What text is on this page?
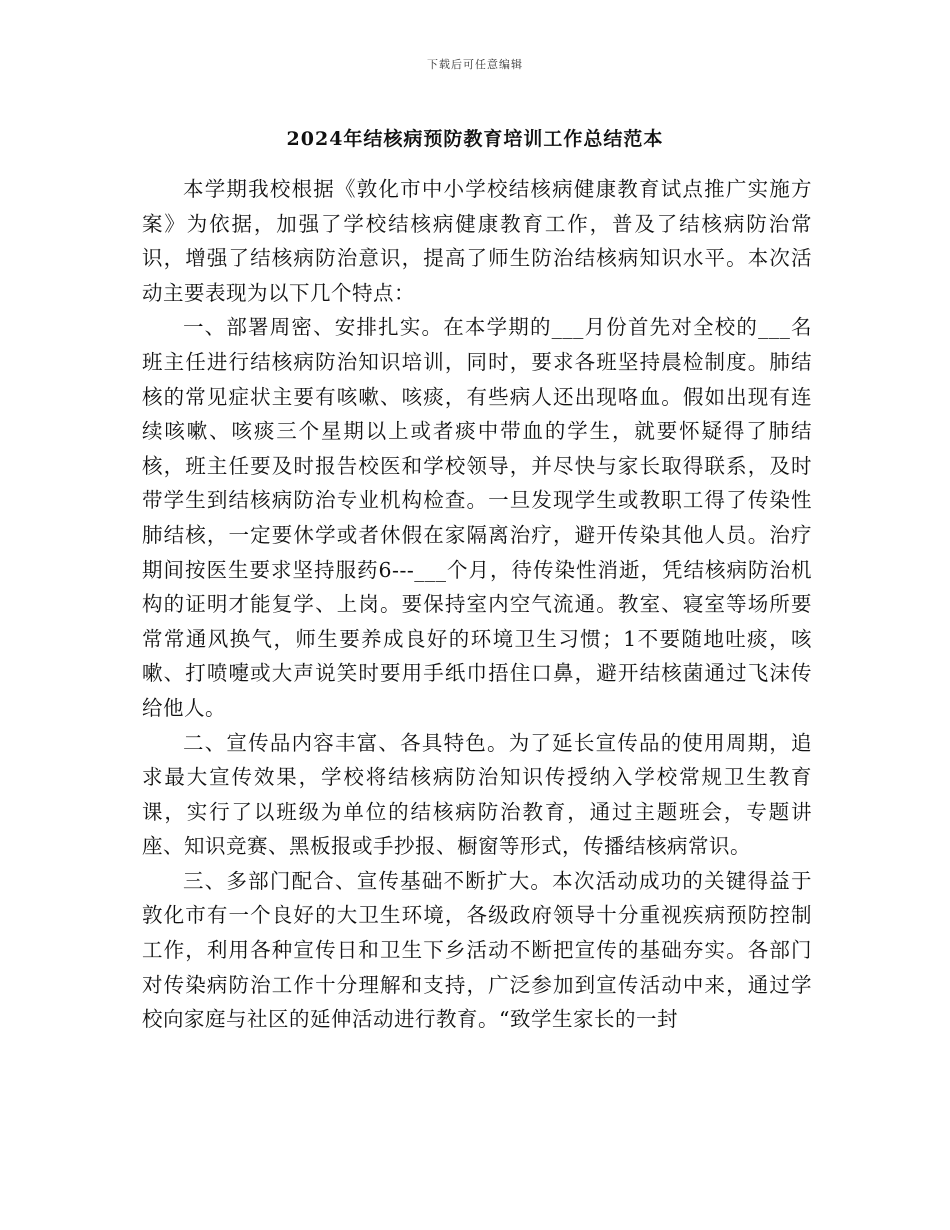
下载后可任意编辑
2024年结核病预防教育培训工作总结范本

本学期我校根据《敦化市中小学校结核病健康教育试点推广实施方案》为依据，加强了学校结核病健康教育工作，普及了结核病防治常识，增强了结核病防治意识，提高了师生防治结核病知识水平。本次活动主要表现为以下几个特点：

一、部署周密、安排扎实。在本学期的___月份首先对全校的___名班主任进行结核病防治知识培训，同时，要求各班坚持晨检制度。肺结核的常见症状主要有咳嗽、咳痰，有些病人还出现咯血。假如出现有连续咳嗽、咳痰三个星期以上或者痰中带血的学生，就要怀疑得了肺结核，班主任要及时报告校医和学校领导，并尽快与家长取得联系，及时带学生到结核病防治专业机构检查。一旦发现学生或教职工得了传染性肺结核，一定要休学或者休假在家隔离治疗，避开传染其他人员。治疗期间按医生要求坚持服药6---___个月，待传染性消逝，凭结核病防治机构的证明才能复学、上岗。要保持室内空气流通。教室、寝室等场所要常常通风换气，师生要养成良好的环境卫生习惯；1不要随地吐痰，咳嗽、打喷嚏或大声说笑时要用手纸巾捂住口鼻，避开结核菌通过飞沫传给他人。

二、宣传品内容丰富、各具特色。为了延长宣传品的使用周期，追求最大宣传效果，学校将结核病防治知识传授纳入学校常规卫生教育课，实行了以班级为单位的结核病防治教育，通过主题班会，专题讲座、知识竞赛、黑板报或手抄报、橱窗等形式，传播结核病常识。

三、多部门配合、宣传基础不断扩大。本次活动成功的关键得益于敦化市有一个良好的大卫生环境，各级政府领导十分重视疾病预防控制工作，利用各种宣传日和卫生下乡活动不断把宣传的基础夯实。各部门对传染病防治工作十分理解和支持，广泛参加到宣传活动中来，通过学校向家庭与社区的延伸活动进行教育。“致学生家长的一封
